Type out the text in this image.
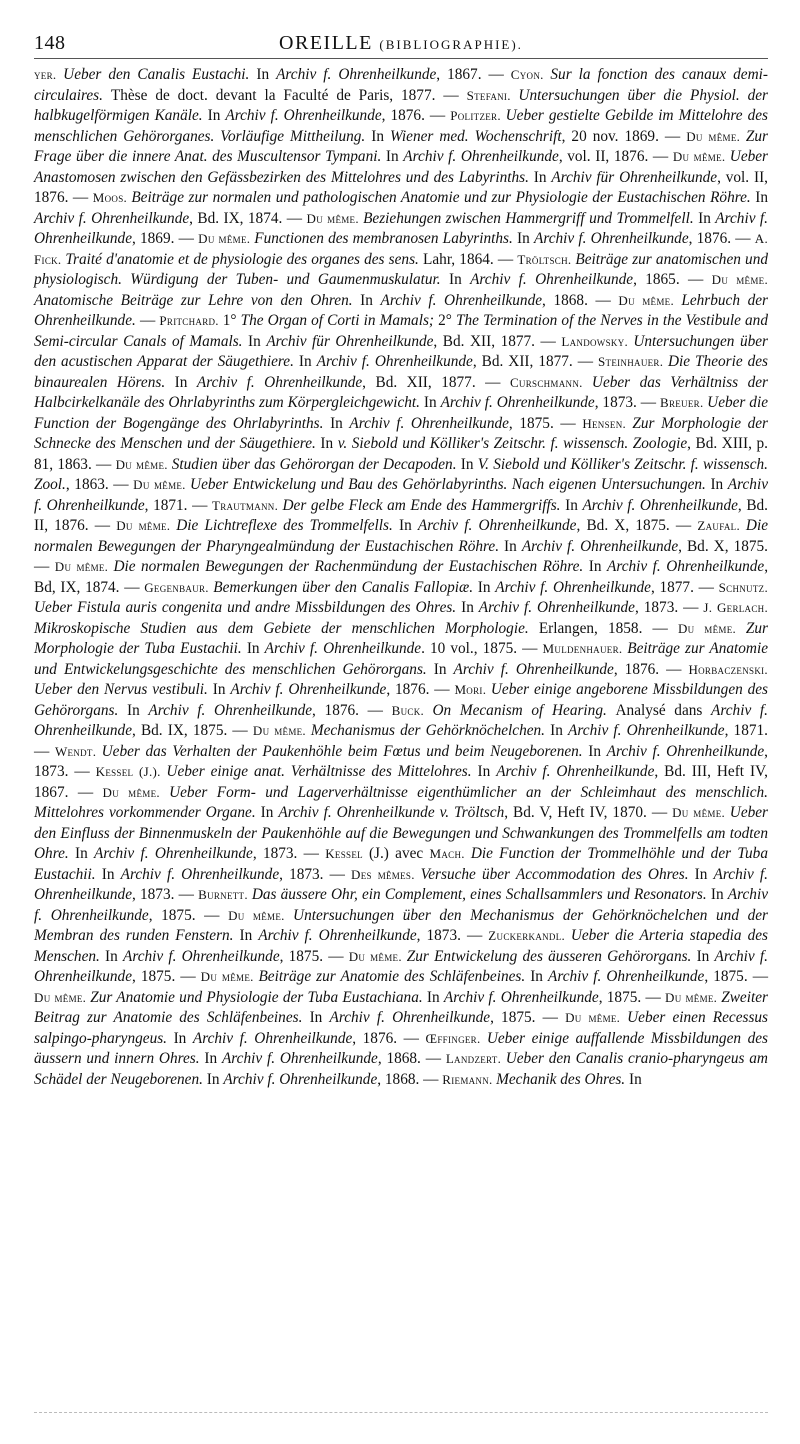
148	OREILLE (BIBLIOGRAPHIE).
yer. Ueber den Canalis Eustachi. In Archiv f. Ohrenheilkunde, 1867. — Cyon. Sur la fonction des canaux demi-circulaires. Thèse de doct. devant la Faculté de Paris, 1877. — Stefani. Untersuchungen über die Physiol. der halbkugelförmigen Kanäle. In Archiv f. Ohrenheilkunde, 1876. — Politzer. Ueber gestielte Gebilde im Mittelohre des menschlichen Gehörorganes. Vorläufige Mittheilung. In Wiener med. Wochenschrift, 20 nov. 1869. — Du même. Zur Frage über die innere Anat. des Muscultensor Tympani. In Archiv f. Ohrenheilkunde, vol. II, 1876. — Du même. Ueber Anastomosen zwischen den Gefässbezirken des Mittelohres und des Labyrinths. In Archiv für Ohrenheilkunde, vol. II, 1876. — Moos. Beiträge zur normalen und pathologischen Anatomie und zur Physiologie der Eustachischen Röhre. In Archiv f. Ohrenheilkunde, Bd. IX, 1874. — Du même. Beziehungen zwischen Hammergriff und Trommelfell. In Archiv f. Ohrenheilkunde, 1869. — Du même. Functionen des membranosen Labyrinths. In Archiv f. Ohrenheilkunde, 1876. — A. Fick. Traité d'anatomie et de physiologie des organes des sens. Lahr, 1864. — Tröltsch. Beiträge zur anatomischen und physiologisch. Würdigung der Tuben- und Gaumenmuskulatur. In Archiv f. Ohrenheilkunde, 1865. — Du même. Anatomische Beiträge zur Lehre von den Ohren. In Archiv f. Ohrenheilkunde, 1868. — Du même. Lehrbuch der Ohrenheilkunde. — Pritchard. 1° The Organ of Corti in Mamals; 2° The Termination of the Nerves in the Vestibule and Semi-circular Canals of Mamals. In Archiv für Ohrenheilkunde, Bd. XII, 1877. — Landowsky. Untersuchungen über den acustischen Apparat der Säugethiere. In Archiv f. Ohrenheilkunde, Bd. XII, 1877. — Steinhauer. Die Theorie des binaurealen Hörens. In Archiv f. Ohrenheilkunde, Bd. XII, 1877. — Curschmann. Ueber das Verhältniss der Halbcirkelkanäle des Ohrlabyrinths zum Körpergleichgewicht. In Archiv f. Ohrenheilkunde, 1873. — Breuer. Ueber die Function der Bogengänge des Ohrlabyrinths. In Archiv f. Ohrenheilkunde, 1875. — Hensen. Zur Morphologie der Schnecke des Menschen und der Säugethiere. In v. Siebold und Kölliker's Zeitschr. f. wissensch. Zoologie, Bd. XIII, p. 81, 1863. — Du même. Studien über das Gehörorgan der Decapoden. In V. Siebold und Kölliker's Zeitschr. f. wissensch. Zool., 1863. — Du même. Ueber Entwickelung und Bau des Gehörlabyrinths. Nach eigenen Untersuchungen. In Archiv f. Ohrenheilkunde, 1871. — Trautmann. Der gelbe Fleck am Ende des Hammergriffs. In Archiv f. Ohrenheilkunde, Bd. II, 1876. — Du même. Die Lichtreflexe des Trommelfells. In Archiv f. Ohrenheilkunde, Bd. X, 1875. — Zaufal. Die normalen Bewegungen der Pharyngealmündung der Eustachischen Röhre. In Archiv f. Ohrenheilkunde, Bd. X, 1875. — Du même. Die normalen Bewegungen der Rachenmündung der Eustachischen Röhre. In Archiv f. Ohrenheilkunde, Bd, IX, 1874. — Gegenbaur. Bemerkungen über den Canalis Fallopiæ. In Archiv f. Ohrenheilkunde, 1877. — Schnutz. Ueber Fistula auris congenita und andre Missbildungen des Ohres. In Archiv f. Ohrenheilkunde, 1873. — J. Gerlach. Mikroskopische Studien aus dem Gebiete der menschlichen Morphologie. Erlangen, 1858. — Du même. Zur Morphologie der Tuba Eustachii. In Archiv f. Ohrenheilkunde. 10 vol., 1875. — Muldenhauer. Beiträge zur Anatomie und Entwickelungsgeschichte des menschlichen Gehörorgans. In Archiv f. Ohrenheilkunde, 1876. — Horbaczenski. Ueber den Nervus vestibuli. In Archiv f. Ohrenheilkunde, 1876. — Mori. Ueber einige angeborene Missbildungen des Gehörorgans. In Archiv f. Ohrenheilkunde, 1876. — Buck. On Mecanism of Hearing. Analysé dans Archiv f. Ohrenheilkunde, Bd. IX, 1875. — Du même. Mechanismus der Gehörknöchelchen. In Archiv f. Ohrenheilkunde, 1871. — Wendt. Ueber das Verhalten der Paukenhöhle beim Fœtus und beim Neugeborenen. In Archiv f. Ohrenheilkunde, 1873. — Kessel (J.). Ueber einige anat. Verhältnisse des Mittelohres. In Archiv f. Ohrenheilkunde, Bd. III, Heft IV, 1867. — Du même. Ueber Form- und Lagerverhältnisse eigenthümlicher an der Schleimhaut des menschlich. Mittelohres vorkommender Organe. In Archiv f. Ohrenheilkunde v. Tröltsch, Bd. V, Heft IV, 1870. — Du même. Ueber den Einfluss der Binnenmuskeln der Paukenhöhle auf die Bewegungen und Schwankungen des Trommelfells am todten Ohre. In Archiv f. Ohrenheilkunde, 1873. — Kessel (J.) avec Mach. Die Function der Trommelhöhle und der Tuba Eustachii. In Archiv f. Ohrenheilkunde, 1873. — Des mêmes. Versuche über Accommodation des Ohres. In Archiv f. Ohrenheilkunde, 1873. — Burnett. Das äussere Ohr, ein Complement, eines Schallsammlers und Resonators. In Archiv f. Ohrenheilkunde, 1875. — Du même. Untersuchungen über den Mechanismus der Gehörknöchelchen und der Membran des runden Fenstern. In Archiv f. Ohrenheilkunde, 1873. — Zuckerkandl. Ueber die Arteria stapedia des Menschen. In Archiv f. Ohrenheilkunde, 1875. — Du même. Zur Entwickelung des äusseren Gehörorgans. In Archiv f. Ohrenheilkunde, 1875. — Du même. Beiträge zur Anatomie des Schläfenbeines. In Archiv f. Ohrenheilkunde, 1875. — Du même. Zur Anatomie und Physiologie der Tuba Eustachiana. In Archiv f. Ohrenheilkunde, 1875. — Du même. Zweiter Beitrag zur Anatomie des Schläfenbeines. In Archiv f. Ohrenheilkunde, 1875. — Du même. Ueber einen Recessus salpingo-pharyngeus. In Archiv f. Ohrenheilkunde, 1876. — Œffinger. Ueber einige auffallende Missbildungen des äussern und innern Ohres. In Archiv f. Ohrenheilkunde, 1868. — Landzert. Ueber den Canalis cranio-pharyngeus am Schädel der Neugeborenen. In Archiv f. Ohrenheilkunde, 1868. — Riemann. Mechanik des Ohres. In
